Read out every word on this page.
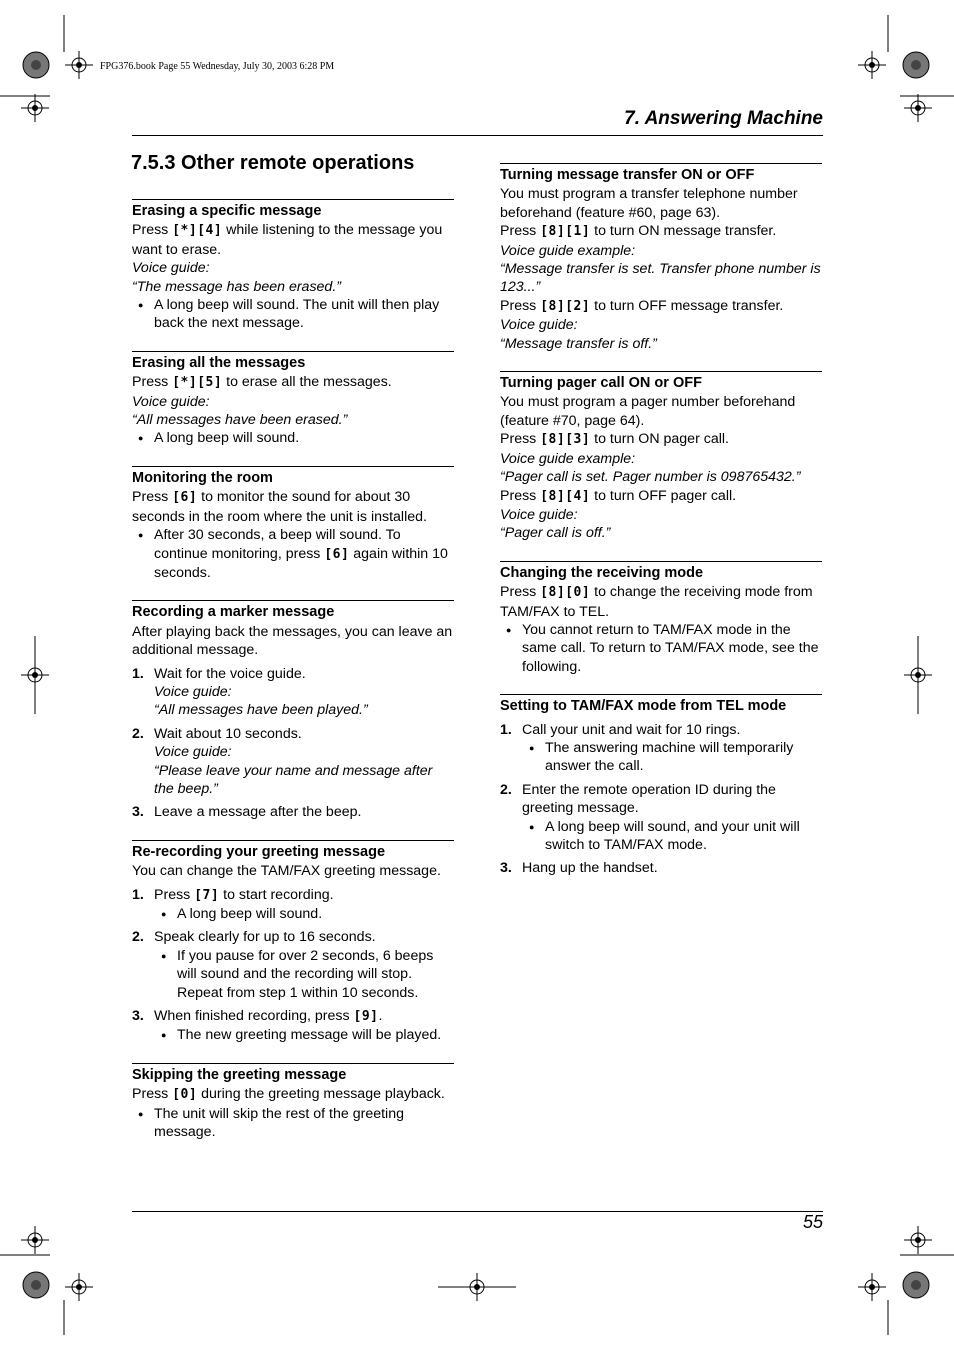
FPG376.book Page 55 Wednesday, July 30, 2003 6:28 PM
7. Answering Machine
7.5.3 Other remote operations
Erasing a specific message

Press [*][4] while listening to the message you want to erase.

Voice guide:

“The message has been erased.”

● A long beep will sound. The unit will then play back the next message.
Erasing all the messages

Press [*][5] to erase all the messages.

Voice guide:

“All messages have been erased.”

● A long beep will sound.
Monitoring the room

Press [6] to monitor the sound for about 30 seconds in the room where the unit is installed.

● After 30 seconds, a beep will sound. To continue monitoring, press [6] again within 10 seconds.
Recording a marker message

After playing back the messages, you can leave an additional message.

1. Wait for the voice guide.
Voice guide:
“All messages have been played.”
2. Wait about 10 seconds.
Voice guide:
“Please leave your name and message after the beep.”
3. Leave a message after the beep.
Re-recording your greeting message

You can change the TAM/FAX greeting message.

1. Press [7] to start recording.
● A long beep will sound.
2. Speak clearly for up to 16 seconds.
● If you pause for over 2 seconds, 6 beeps will sound and the recording will stop. Repeat from step 1 within 10 seconds.
3. When finished recording, press [9].
● The new greeting message will be played.
Skipping the greeting message

Press [0] during the greeting message playback.

● The unit will skip the rest of the greeting message.
Turning message transfer ON or OFF

You must program a transfer telephone number beforehand (feature #60, page 63).

Press [8][1] to turn ON message transfer.

Voice guide example:

“Message transfer is set. Transfer phone number is 123...”

Press [8][2] to turn OFF message transfer.

Voice guide:

“Message transfer is off.”

Turning pager call ON or OFF

You must program a pager number beforehand (feature #70, page 64).

Press [8][3] to turn ON pager call.

Voice guide example:

“Pager call is set. Pager number is 098765432.”

Press [8][4] to turn OFF pager call.

Voice guide:

“Pager call is off.”

Changing the receiving mode

Press [8][0] to change the receiving mode from TAM/FAX to TEL.

● You cannot return to TAM/FAX mode in the same call. To return to TAM/FAX mode, see the following.
Setting to TAM/FAX mode from TEL mode
1. Call your unit and wait for 10 rings.
● The answering machine will temporarily answer the call.
2. Enter the remote operation ID during the greeting message.
● A long beep will sound, and your unit will switch to TAM/FAX mode.
3. Hang up the handset.
55
